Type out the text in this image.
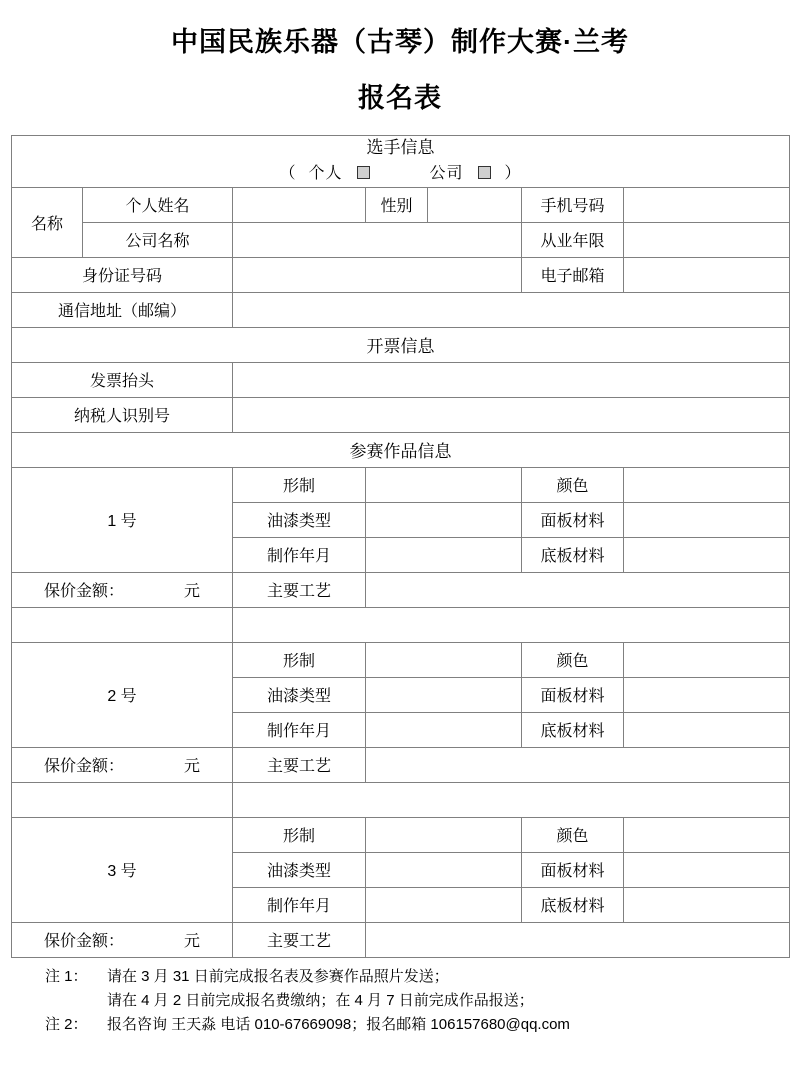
中国民族乐器（古琴）制作大赛·兰考
报名表
选手信息
（ 个人 公司 ）						

名称	个人姓名		性别		手机号码	
	公司名称				从业年限	
身份证号码					电子邮箱	
通信地址（邮编）						
开票信息						
发票抬头						
纳税人识别号						
参赛作品信息						
1 号		形制			颜色	
		油漆类型			面板材料	
		制作年月			底板材料	

保价金额： 元		主要工艺				

2 号		形制			颜色	
		油漆类型			面板材料	
		制作年月			底板材料	

保价金额： 元		主要工艺				

3 号		形制			颜色	
		油漆类型			面板材料	
		制作年月			底板材料	

保价金额： 元		主要工艺				
注 1：	请在 3 月 31 日前完成报名表及参赛作品照片发送；
请在 4 月 2 日前完成报名费缴纳；在 4 月 7 日前完成作品报送；
注 2：	报名咨询 王天淼 电话 010-67669098；报名邮箱 106157680@qq.com
